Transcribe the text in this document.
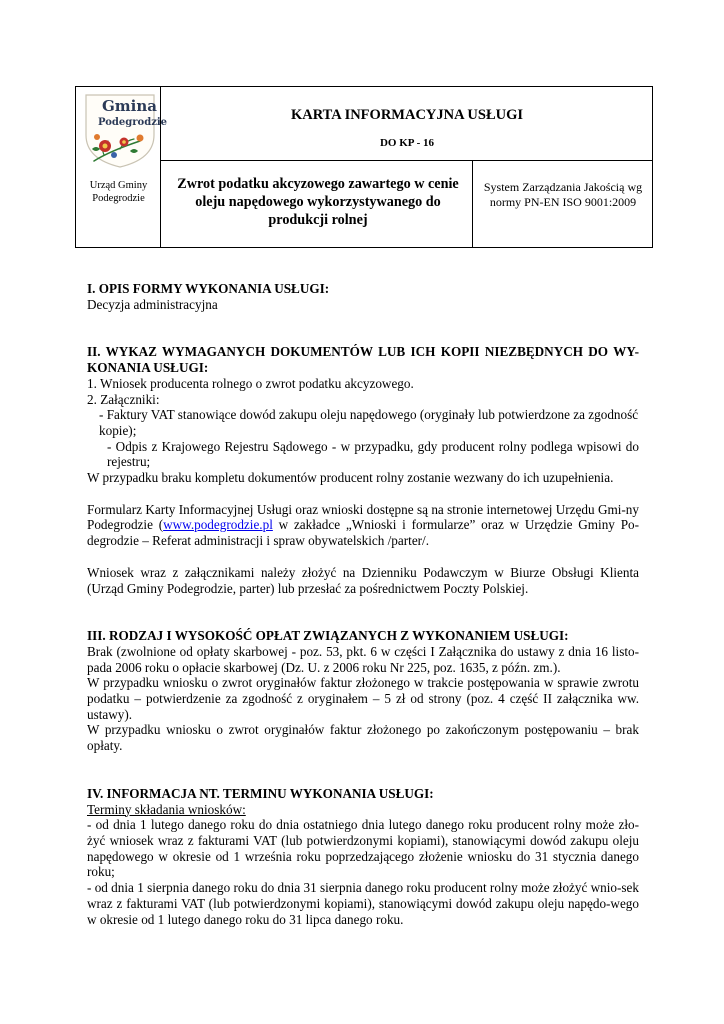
Gmina
Podegrodzie
Urząd Gminy Podegrodzie
KARTA INFORMACYJNA USŁUGI
DO KP - 16
Zwrot podatku akcyzowego zawartego w cenie oleju napędowego wykorzystywanego do produkcji rolnej
System Zarządzania Jakością wg normy PN-EN ISO 9001:2009

I. OPIS FORMY WYKONANIA USŁUGI:

Decyzja administracyjna

II. WYKAZ WYMAGANYCH DOKUMENTÓW LUB ICH KOPII NIEZBĘDNYCH DO WY-KONANIA USŁUGI:

1. Wniosek producenta rolnego o zwrot podatku akcyzowego.

2. Załączniki:

- Faktury VAT stanowiące dowód zakupu oleju napędowego (oryginały lub potwierdzone za zgodność kopie);

- Odpis z Krajowego Rejestru Sądowego - w przypadku, gdy producent rolny podlega wpisowi do rejestru;

W przypadku braku kompletu dokumentów producent rolny zostanie wezwany do ich uzupełnienia.

Formularz Karty Informacyjnej Usługi oraz wnioski dostępne są na stronie internetowej Urzędu Gmi-ny Podegrodzie (www.podegrodzie.pl w zakładce „Wnioski i formularze” oraz w Urzędzie Gminy Po-degrodzie – Referat administracji i spraw obywatelskich /parter/.

Wniosek wraz z załącznikami należy złożyć na Dzienniku Podawczym w Biurze Obsługi Klienta (Urząd Gminy Podegrodzie, parter) lub przesłać za pośrednictwem Poczty Polskiej.

III. RODZAJ I WYSOKOŚĆ OPŁAT ZWIĄZANYCH Z WYKONANIEM USŁUGI:

Brak (zwolnione od opłaty skarbowej - poz. 53, pkt. 6 w części I Załącznika do ustawy z dnia 16 listo-pada 2006 roku o opłacie skarbowej (Dz. U. z 2006 roku Nr 225, poz. 1635, z późn. zm.).

W przypadku wniosku o zwrot oryginałów faktur złożonego w trakcie postępowania w sprawie zwrotu podatku – potwierdzenie za zgodność z oryginałem – 5 zł od strony (poz. 4 część II załącznika ww. ustawy).

W przypadku wniosku o zwrot oryginałów faktur złożonego po zakończonym postępowaniu – brak opłaty.

IV. INFORMACJA NT. TERMINU WYKONANIA USŁUGI:

Terminy składania wniosków:

- od dnia 1 lutego danego roku do dnia ostatniego dnia lutego danego roku producent rolny może zło-żyć wniosek wraz z fakturami VAT (lub potwierdzonymi kopiami), stanowiącymi dowód zakupu oleju napędowego w okresie od 1 września roku poprzedzającego złożenie wniosku do 31 stycznia danego roku;

- od dnia 1 sierpnia danego roku do dnia 31 sierpnia danego roku producent rolny może złożyć wnio-sek wraz z fakturami VAT (lub potwierdzonymi kopiami), stanowiącymi dowód zakupu oleju napędo-wego w okresie od 1 lutego danego roku do 31 lipca danego roku.
